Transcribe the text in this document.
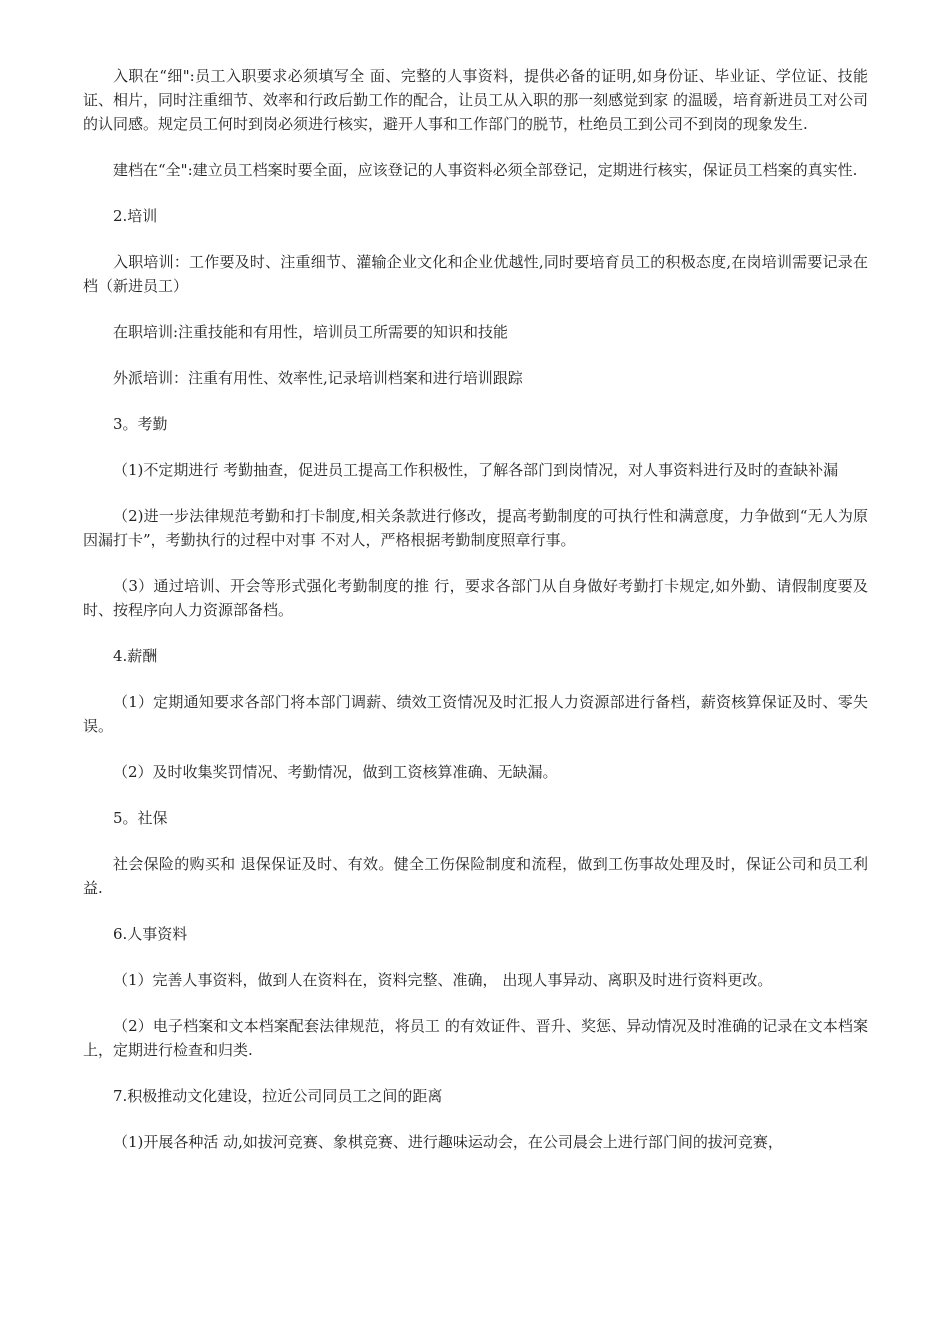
入职在“细":员工入职要求必须填写全 面、完整的人事资料，提供必备的证明,如身份证、毕业证、学位证、技能证、相片，同时注重细节、效率和行政后勤工作的配合，让员工从入职的那一刻感觉到家 的温暖，培育新进员工对公司的认同感。规定员工何时到岗必须进行核实，避开人事和工作部门的脱节，杜绝员工到公司不到岗的现象发生.

建档在“全":建立员工档案时要全面，应该登记的人事资料必须全部登记，定期进行核实，保证员工档案的真实性.

2.培训

入职培训：工作要及时、注重细节、灌输企业文化和企业优越性,同时要培育员工的积极态度,在岗培训需要记录在档（新进员工）

在职培训:注重技能和有用性，培训员工所需要的知识和技能

外派培训：注重有用性、效率性,记录培训档案和进行培训跟踪

3。考勤

（1)不定期进行 考勤抽查，促进员工提高工作积极性，了解各部门到岗情况，对人事资料进行及时的查缺补漏

（2)进一步法律规范考勤和打卡制度,相关条款进行修改，提高考勤制度的可执行性和满意度，力争做到“无人为原因漏打卡”，考勤执行的过程中对事 不对人，严格根据考勤制度照章行事。

（3）通过培训、开会等形式强化考勤制度的推 行，要求各部门从自身做好考勤打卡规定,如外勤、请假制度要及时、按程序向人力资源部备档。

4.薪酬

（1）定期通知要求各部门将本部门调薪、绩效工资情况及时汇报人力资源部进行备档，薪资核算保证及时、零失误。

（2）及时收集奖罚情况、考勤情况，做到工资核算准确、无缺漏。

5。社保

社会保险的购买和 退保保证及时、有效。健全工伤保险制度和流程，做到工伤事故处理及时，保证公司和员工利益.

6.人事资料

（1）完善人事资料，做到人在资料在，资料完整、准确， 出现人事异动、离职及时进行资料更改。

（2）电子档案和文本档案配套法律规范，将员工 的有效证件、晋升、奖惩、异动情况及时准确的记录在文本档案上，定期进行检查和归类.

7.积极推动文化建设，拉近公司同员工之间的距离

（1)开展各种活 动,如拔河竞赛、象棋竞赛、进行趣味运动会，在公司晨会上进行部门间的拔河竞赛，
